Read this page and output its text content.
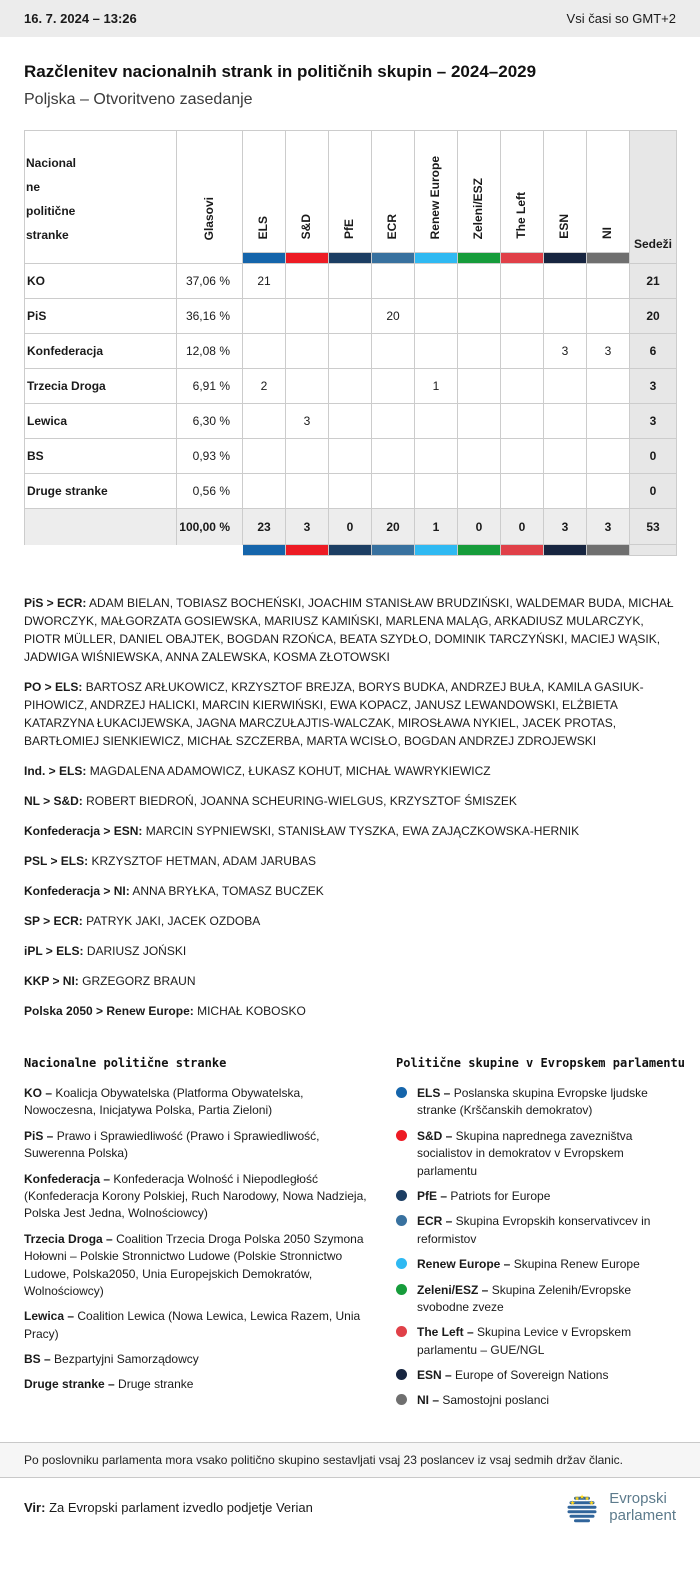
16. 7. 2024 – 13:26	Vsi časi so GMT+2
Razčlenitev nacionalnih strank in političnih skupin – 2024–2029
Poljska – Otvoritveno zasedanje
Nacionalne politične stranke	Glasovi	ELS	S&D	PfE	ECR	Renew Europe	Zeleni/ESZ	The Left	ESN	NI	Sedeži

KO	37,06 %	21									21
PiS	36,16 %				20						20
Konfederacja	12,08 %								3	3	6
Trzecia Droga	6,91 %	2				1					3
Lewica	6,30 %		3								3
BS	0,93 %										0
Druge stranke	0,56 %										0
	100,00 %	23	3	0	20	1	0	0	3	3	53

PiS > ECR: ADAM BIELAN, TOBIASZ BOCHEŃSKI, JOACHIM STANISŁAW BRUDZIŃSKI, WALDEMAR BUDA, MICHAŁ DWORCZYK, MAŁGORZATA GOSIEWSKA, MARIUSZ KAMIŃSKI, MARLENA MALĄG, ARKADIUSZ MULARCZYK, PIOTR MÜLLER, DANIEL OBAJTEK, BOGDAN RZOŃCA, BEATA SZYDŁO, DOMINIK TARCZYŃSKI, MACIEJ WĄSIK, JADWIGA WIŚNIEWSKA, ANNA ZALEWSKA, KOSMA ZŁOTOWSKI

PO > ELS: BARTOSZ ARŁUKOWICZ, KRZYSZTOF BREJZA, BORYS BUDKA, ANDRZEJ BUŁA, KAMILA GASIUK-PIHOWICZ, ANDRZEJ HALICKI, MARCIN KIERWIŃSKI, EWA KOPACZ, JANUSZ LEWANDOWSKI, ELŻBIETA KATARZYNA ŁUKACIJEWSKA, JAGNA MARCZUŁAJTIS-WALCZAK, MIROSŁAWA NYKIEL, JACEK PROTAS, BARTŁOMIEJ SIENKIEWICZ, MICHAŁ SZCZERBA, MARTA WCISŁO, BOGDAN ANDRZEJ ZDROJEWSKI

Ind. > ELS: MAGDALENA ADAMOWICZ, ŁUKASZ KOHUT, MICHAŁ WAWRYKIEWICZ

NL > S&D: ROBERT BIEDROŃ, JOANNA SCHEURING-WIELGUS, KRZYSZTOF ŚMISZEK

Konfederacja > ESN: MARCIN SYPNIEWSKI, STANISŁAW TYSZKA, EWA ZAJĄCZKOWSKA-HERNIK

PSL > ELS: KRZYSZTOF HETMAN, ADAM JARUBAS

Konfederacja > NI: ANNA BRYŁKA, TOMASZ BUCZEK

SP > ECR: PATRYK JAKI, JACEK OZDOBA

iPL > ELS: DARIUSZ JOŃSKI

KKP > NI: GRZEGORZ BRAUN

Polska 2050 > Renew Europe: MICHAŁ KOBOSKO

Nacionalne politične stranke

KO – Koalicja Obywatelska (Platforma Obywatelska, Nowoczesna, Inicjatywa Polska, Partia Zieloni)

PiS – Prawo i Sprawiedliwość (Prawo i Sprawiedliwość, Suwerenna Polska)

Konfederacja – Konfederacja Wolność i Niepodległość (Konfederacja Korony Polskiej, Ruch Narodowy, Nowa Nadzieja, Polska Jest Jedna, Wolnościowcy)

Trzecia Droga – Coalition Trzecia Droga Polska 2050 Szymona Hołowni – Polskie Stronnictwo Ludowe (Polskie Stronnictwo Ludowe, Polska2050, Unia Europejskich Demokratów, Wolnościowcy)

Lewica – Coalition Lewica (Nowa Lewica, Lewica Razem, Unia Pracy)

BS – Bezpartyjni Samorządowcy

Druge stranke – Druge stranke

Politične skupine v Evropskem parlamentu
ELS – Poslanska skupina Evropske ljudske stranke (Krščanskih demokratov)
S&D – Skupina naprednega zavezništva socialistov in demokratov v Evropskem parlamentu
PfE – Patriots for Europe
ECR – Skupina Evropskih konservativcev in reformistov
Renew Europe – Skupina Renew Europe
Zeleni/ESZ – Skupina Zelenih/Evropske svobodne zveze
The Left – Skupina Levice v Evropskem parlamentu – GUE/NGL
ESN – Europe of Sovereign Nations
NI – Samostojni poslanci
Po poslovniku parlamenta mora vsako politično skupino sestavljati vsaj 23 poslancev iz vsaj sedmih držav članic.

Vir: Za Evropski parlament izvedlo podjetje Verian	★
★ ★ ★
★ Evropski
parlament
